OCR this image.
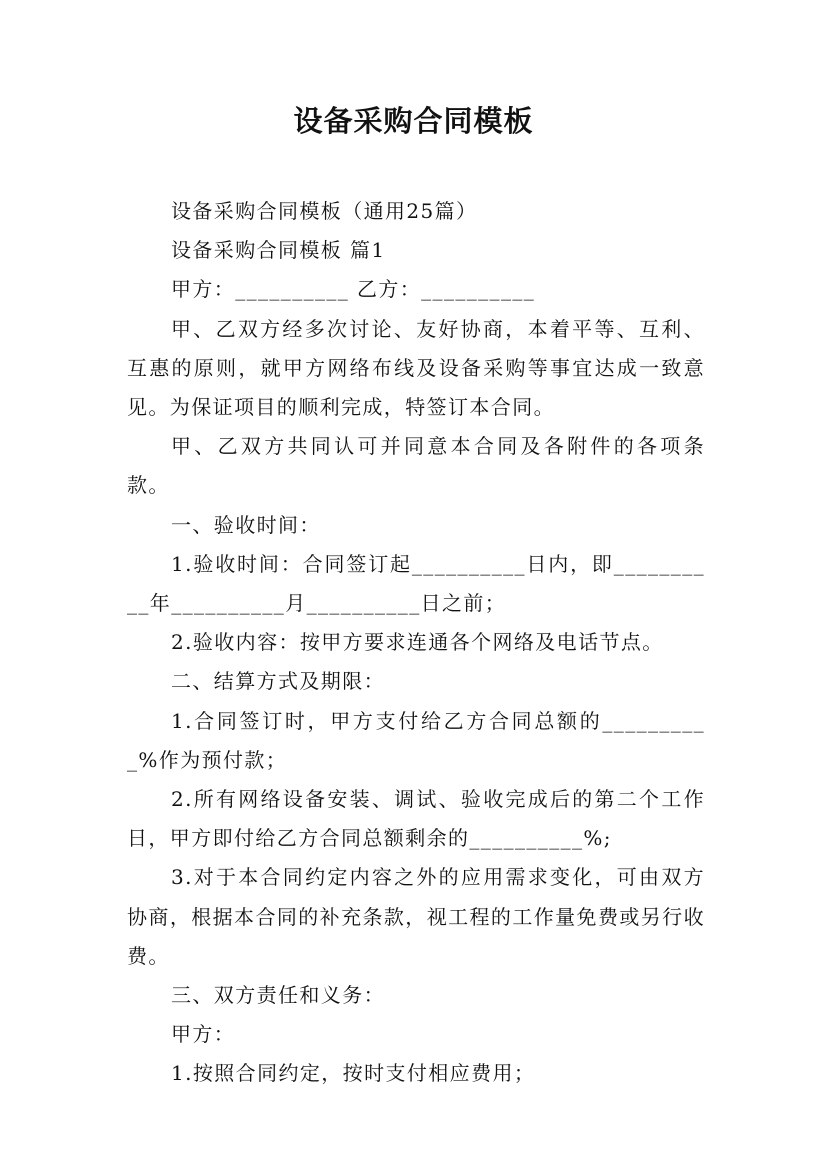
设备采购合同模板

设备采购合同模板（通用25篇）

设备采购合同模板 篇1

甲方：__________ 乙方：__________

甲、乙双方经多次讨论、友好协商，本着平等、互利、互惠的原则，就甲方网络布线及设备采购等事宜达成一致意见。为保证项目的顺利完成，特签订本合同。

甲、乙双方共同认可并同意本合同及各附件的各项条款。

一、验收时间：

1.验收时间：合同签订起__________日内，即__________年__________月__________日之前；

2.验收内容：按甲方要求连通各个网络及电话节点。

二、结算方式及期限：

1.合同签订时，甲方支付给乙方合同总额的__________%作为预付款；

2.所有网络设备安装、调试、验收完成后的第二个工作日，甲方即付给乙方合同总额剩余的__________%;

3.对于本合同约定内容之外的应用需求变化，可由双方协商，根据本合同的补充条款，视工程的工作量免费或另行收费。

三、双方责任和义务：

甲方：

1.按照合同约定，按时支付相应费用；
